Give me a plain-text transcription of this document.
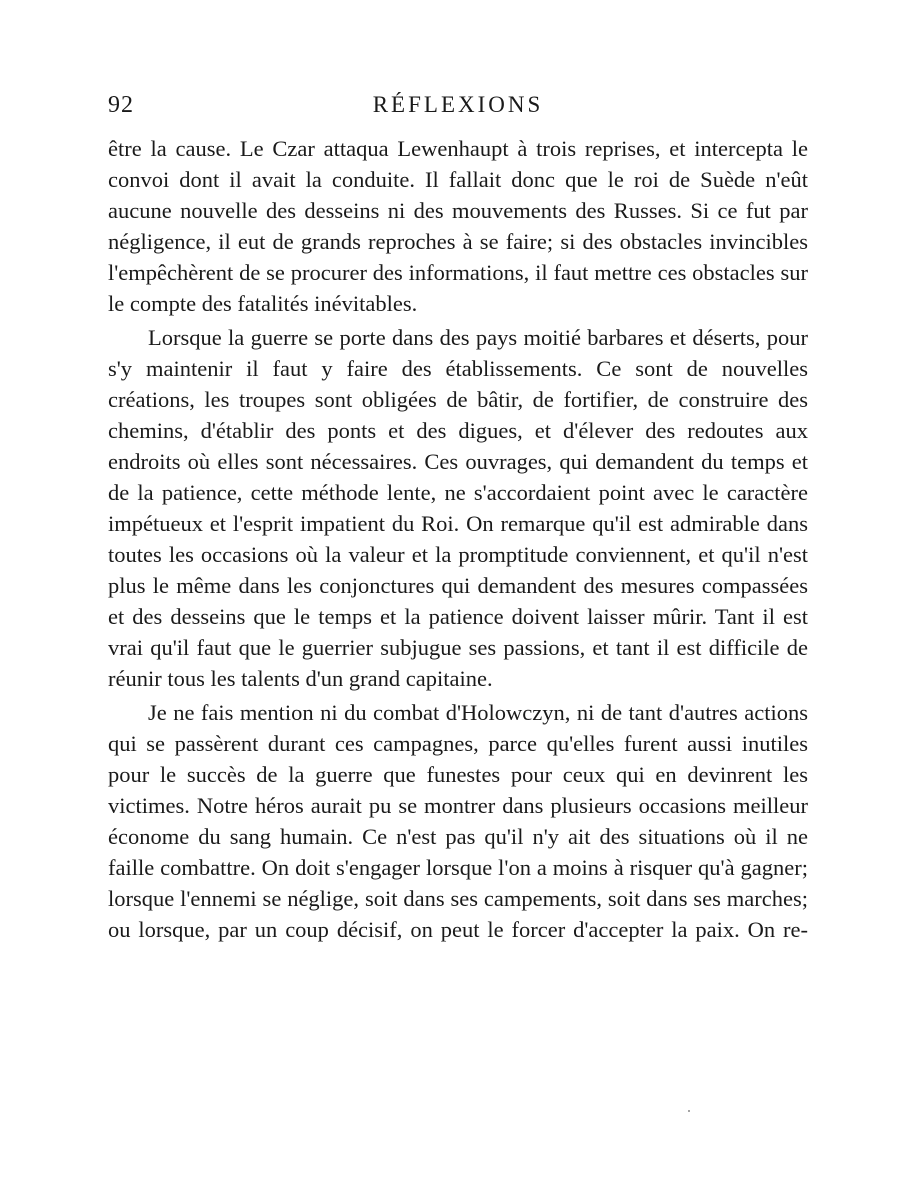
92	RÉFLEXIONS

être la cause. Le Czar attaqua Lewenhaupt à trois reprises, et intercepta le convoi dont il avait la conduite. Il fallait donc que le roi de Suède n'eût aucune nouvelle des desseins ni des mouvements des Russes. Si ce fut par négligence, il eut de grands reproches à se faire; si des obstacles invincibles l'empêchèrent de se procurer des informations, il faut mettre ces obstacles sur le compte des fatalités inévitables.

Lorsque la guerre se porte dans des pays moitié barbares et déserts, pour s'y maintenir il faut y faire des établissements. Ce sont de nouvelles créations, les troupes sont obligées de bâtir, de fortifier, de construire des chemins, d'établir des ponts et des digues, et d'élever des redoutes aux endroits où elles sont nécessaires. Ces ouvrages, qui demandent du temps et de la patience, cette méthode lente, ne s'accordaient point avec le caractère impétueux et l'esprit impatient du Roi. On remarque qu'il est admirable dans toutes les occasions où la valeur et la promptitude conviennent, et qu'il n'est plus le même dans les conjonctures qui demandent des mesures compassées et des desseins que le temps et la patience doivent laisser mûrir. Tant il est vrai qu'il faut que le guerrier subjugue ses passions, et tant il est difficile de réunir tous les talents d'un grand capitaine.

Je ne fais mention ni du combat d'Holowczyn, ni de tant d'autres actions qui se passèrent durant ces campagnes, parce qu'elles furent aussi inutiles pour le succès de la guerre que funestes pour ceux qui en devinrent les victimes. Notre héros aurait pu se montrer dans plusieurs occasions meilleur économe du sang humain. Ce n'est pas qu'il n'y ait des situations où il ne faille combattre. On doit s'engager lorsque l'on a moins à risquer qu'à gagner; lorsque l'ennemi se néglige, soit dans ses campements, soit dans ses marches; ou lorsque, par un coup décisif, on peut le forcer d'accepter la paix. On re-
